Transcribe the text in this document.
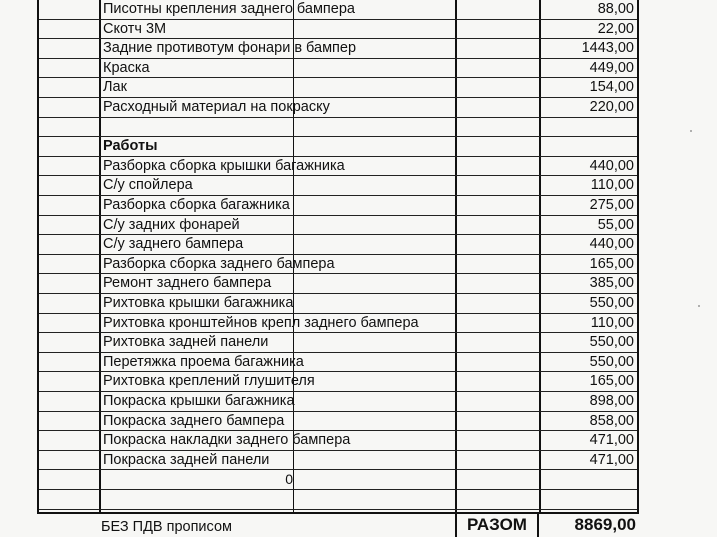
Писотны крепления заднего бампера	88,00
Скотч 3М	22,00
Задние противотум фонари в бампер	1443,00
Краска	449,00
Лак	154,00
Расходный материал на покраску	220,00
Работы
Разборка сборка крышки багажника	440,00
С/у спойлера	110,00
Разборка сборка багажника	275,00
С/у задних фонарей	55,00
С/у заднего бампера	440,00
Разборка сборка заднего бампера	165,00
Ремонт заднего бампера	385,00
Рихтовка крышки багажника	550,00
Рихтовка кронштейнов крепл заднего бампера	110,00
Рихтовка задней панели	550,00
Перетяжка проема багажника	550,00
Рихтовка креплений глушителя	165,00
Покраска крышки багажника	898,00
Покраска заднего бампера	858,00
Покраска накладки заднего бампера	471,00
Покраска задней панели	471,00
0
БЕЗ ПДВ прописом	РАЗОМ	8869,00
